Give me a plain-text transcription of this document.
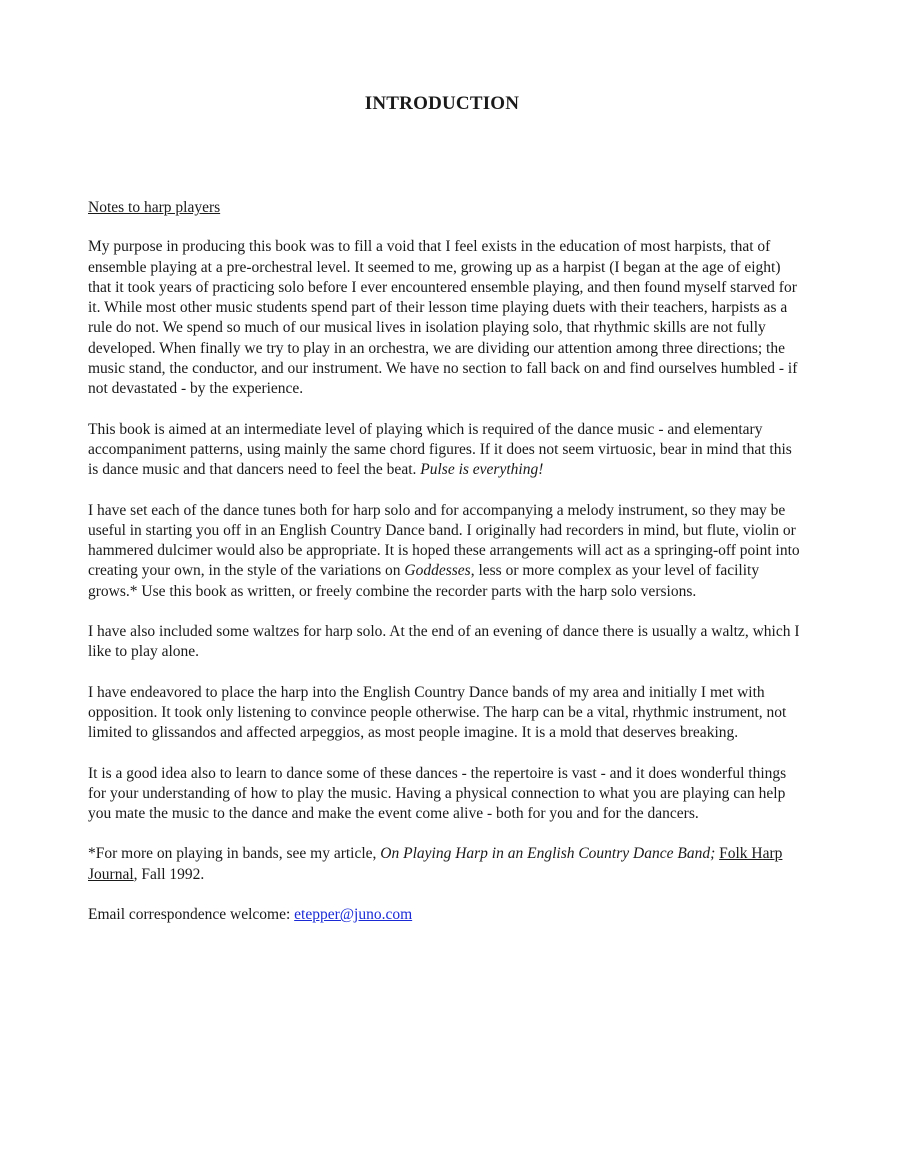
INTRODUCTION
Notes to harp players

My purpose in producing this book was to fill a void that I feel exists in the education of most harpists, that of ensemble playing at a pre-orchestral level. It seemed to me, growing up as a harpist (I began at the age of eight) that it took years of practicing solo before I ever encountered ensemble playing, and then found myself starved for it. While most other music students spend part of their lesson time playing duets with their teachers, harpists as a rule do not. We spend so much of our musical lives in isolation playing solo, that rhythmic skills are not fully developed. When finally we try to play in an orchestra, we are dividing our attention among three directions; the music stand, the conductor, and our instrument. We have no section to fall back on and find ourselves humbled - if not devastated - by the experience.

This book is aimed at an intermediate level of playing which is required of the dance music - and elementary accompaniment patterns, using mainly the same chord figures. If it does not seem virtuosic, bear in mind that this is dance music and that dancers need to feel the beat. Pulse is everything!

I have set each of the dance tunes both for harp solo and for accompanying a melody instrument, so they may be useful in starting you off in an English Country Dance band. I originally had recorders in mind, but flute, violin or hammered dulcimer would also be appropriate. It is hoped these arrangements will act as a springing-off point into creating your own, in the style of the variations on Goddesses, less or more complex as your level of facility grows.* Use this book as written, or freely combine the recorder parts with the harp solo versions.

I have also included some waltzes for harp solo. At the end of an evening of dance there is usually a waltz, which I like to play alone.

I have endeavored to place the harp into the English Country Dance bands of my area and initially I met with opposition. It took only listening to convince people otherwise. The harp can be a vital, rhythmic instrument, not limited to glissandos and affected arpeggios, as most people imagine. It is a mold that deserves breaking.

It is a good idea also to learn to dance some of these dances - the repertoire is vast - and it does wonderful things for your understanding of how to play the music. Having a physical connection to what you are playing can help you mate the music to the dance and make the event come alive - both for you and for the dancers.

*For more on playing in bands, see my article, On Playing Harp in an English Country Dance Band; Folk Harp Journal, Fall 1992.

Email correspondence welcome: etepper@juno.com
